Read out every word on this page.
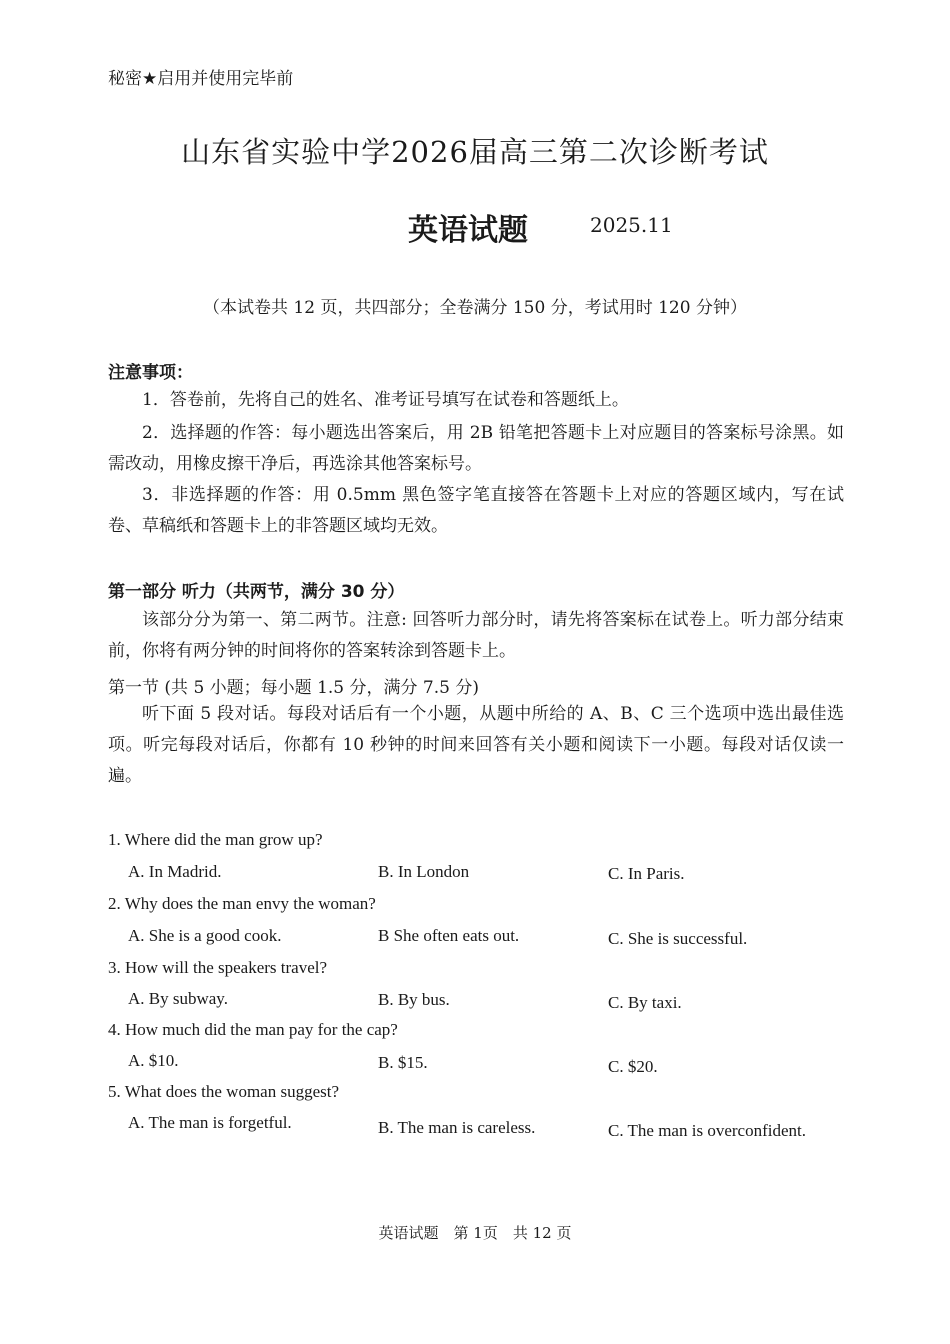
秘密★启用并使用完毕前
山东省实验中学2026届高三第二次诊断考试
英语试题	2025.11
（本试卷共 12 页，共四部分；全卷满分 150 分，考试用时 120 分钟）
注意事项：
1．答卷前，先将自己的姓名、准考证号填写在试卷和答题纸上。
2．选择题的作答：每小题选出答案后，用 2B 铅笔把答题卡上对应题目的答案标号涂黑。如需改动，用橡皮擦干净后，再选涂其他答案标号。
3．非选择题的作答：用 0.5mm 黑色签字笔直接答在答题卡上对应的答题区域内，写在试卷、草稿纸和答题卡上的非答题区域均无效。
第一部分 听力（共两节，满分 30 分）
该部分分为第一、第二两节。注意: 回答听力部分时，请先将答案标在试卷上。听力部分结束前，你将有两分钟的时间将你的答案转涂到答题卡上。
第一节 (共 5 小题；每小题 1.5 分，满分 7.5 分)
听下面 5 段对话。每段对话后有一个小题，从题中所给的 A、B、C 三个选项中选出最佳选项。听完每段对话后，你都有 10 秒钟的时间来回答有关小题和阅读下一小题。每段对话仅读一遍。
1. Where did the man grow up?
A. In Madrid.	B. In London	C. In Paris.
2. Why does the man envy the woman?
A. She is a good cook.	B She often eats out.	C. She is successful.
3. How will the speakers travel?
A. By subway.	B. By bus.	C. By taxi.
4. How much did the man pay for the cap?
A. $10.	B. $15.	C. $20.
5. What does the woman suggest?
A. The man is forgetful.	B. The man is careless.	C. The man is overconfident.
英语试题　第 1页　共 12 页
